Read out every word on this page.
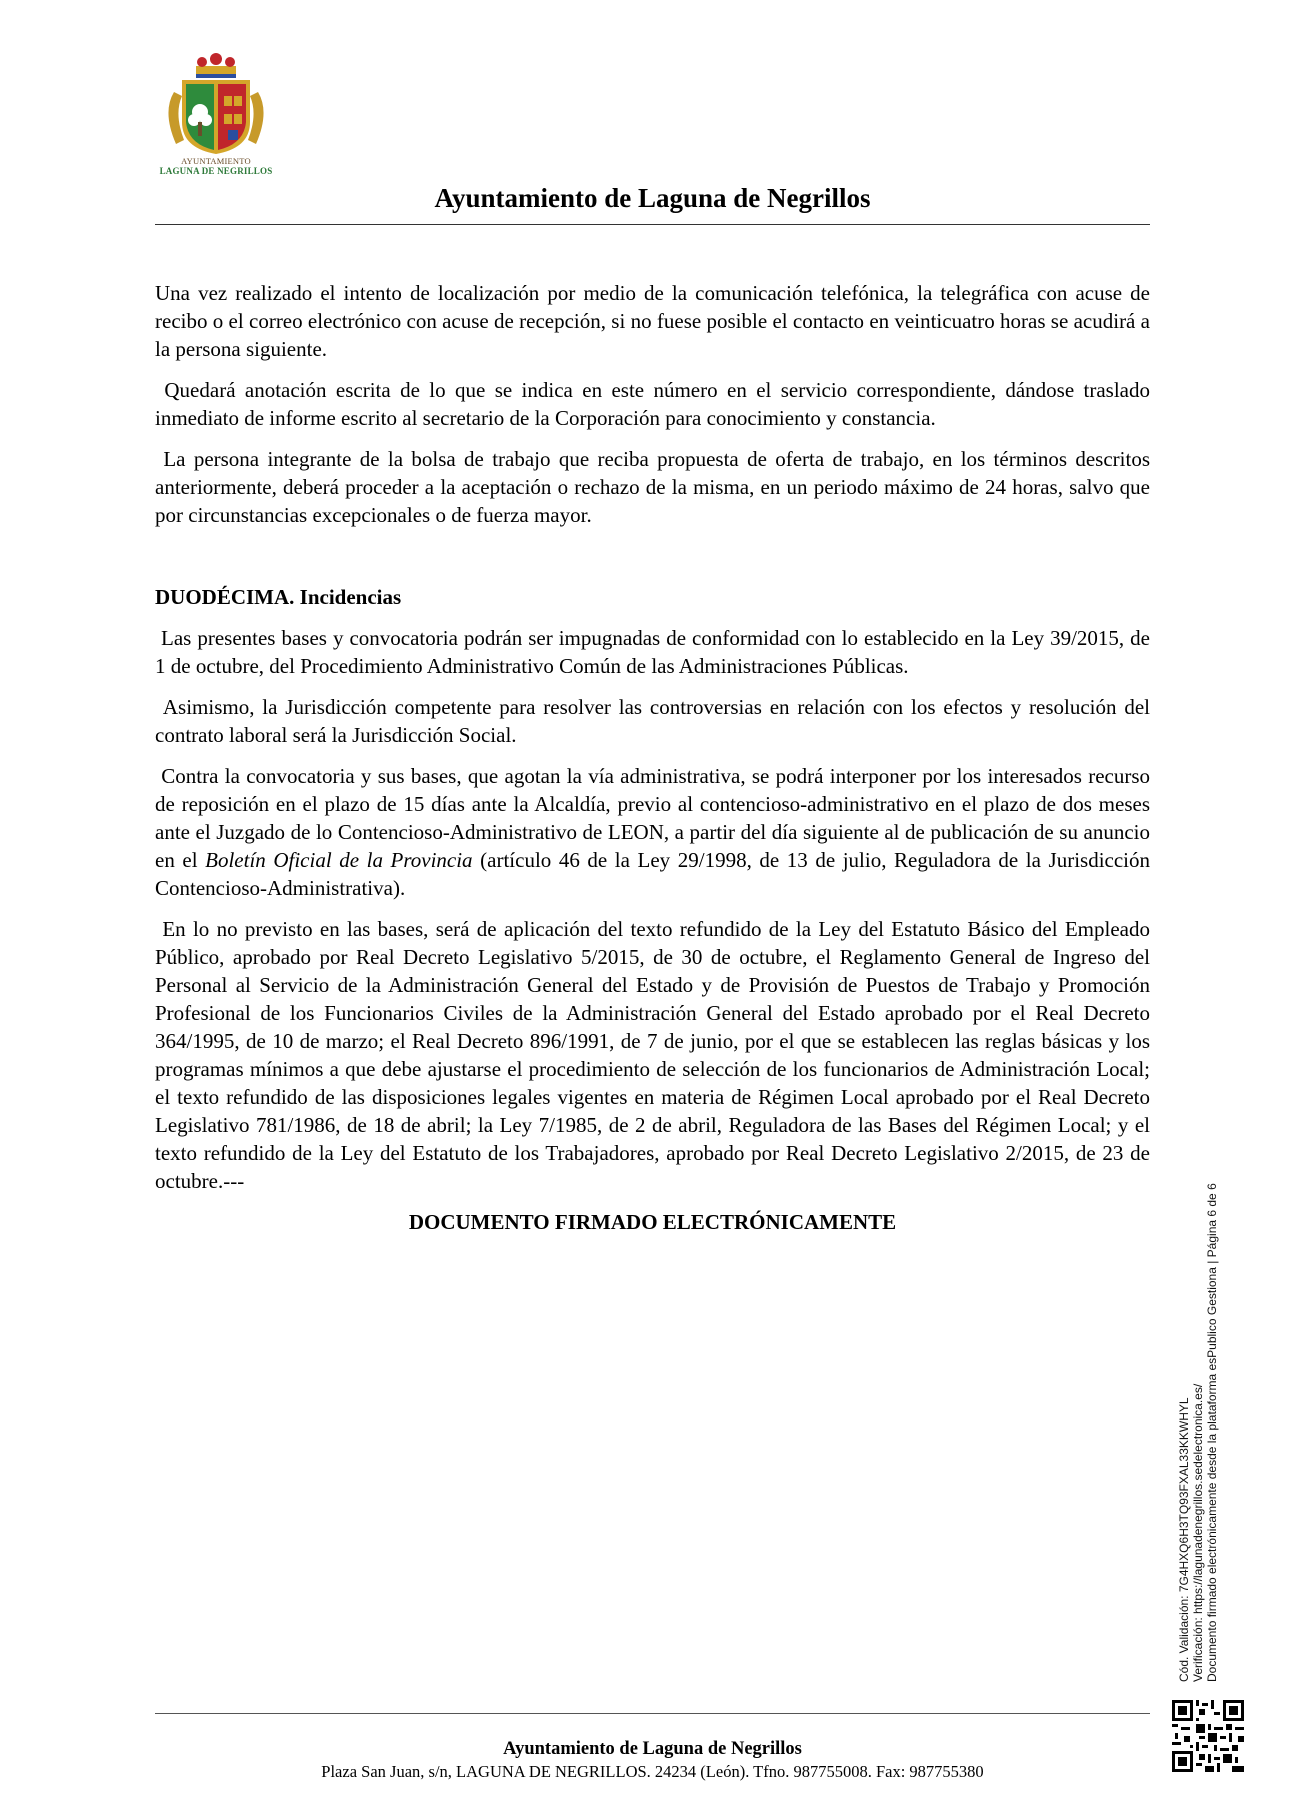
AYUNTAMIENTO
LAGUNA DE NEGRILLOS
Ayuntamiento de Laguna de Negrillos

Una vez realizado el intento de localización por medio de la comunicación telefónica, la telegráfica con acuse de recibo o el correo electrónico con acuse de recepción, si no fuese posible el contacto en veinticuatro horas se acudirá a la persona siguiente.

Quedará anotación escrita de lo que se indica en este número en el servicio correspondiente, dándose traslado inmediato de informe escrito al secretario de la Corporación para conocimiento y constancia.

La persona integrante de la bolsa de trabajo que reciba propuesta de oferta de trabajo, en los términos descritos anteriormente, deberá proceder a la aceptación o rechazo de la misma, en un periodo máximo de 24 horas, salvo que por circunstancias excepcionales o de fuerza mayor.

DUODÉCIMA. Incidencias

Las presentes bases y convocatoria podrán ser impugnadas de conformidad con lo establecido en la Ley 39/2015, de 1 de octubre, del Procedimiento Administrativo Común de las Administraciones Públicas.

Asimismo, la Jurisdicción competente para resolver las controversias en relación con los efectos y resolución del contrato laboral será la Jurisdicción Social.

Contra la convocatoria y sus bases, que agotan la vía administrativa, se podrá interponer por los interesados recurso de reposición en el plazo de 15 días ante la Alcaldía, previo al contencioso-administrativo en el plazo de dos meses ante el Juzgado de lo Contencioso-Administrativo de LEON, a partir del día siguiente al de publicación de su anuncio en el Boletín Oficial de la Provincia (artículo 46 de la Ley 29/1998, de 13 de julio, Reguladora de la Jurisdicción Contencioso-Administrativa).

En lo no previsto en las bases, será de aplicación del texto refundido de la Ley del Estatuto Básico del Empleado Público, aprobado por Real Decreto Legislativo 5/2015, de 30 de octubre, el Reglamento General de Ingreso del Personal al Servicio de la Administración General del Estado y de Provisión de Puestos de Trabajo y Promoción Profesional de los Funcionarios Civiles de la Administración General del Estado aprobado por el Real Decreto 364/1995, de 10 de marzo; el Real Decreto 896/1991, de 7 de junio, por el que se establecen las reglas básicas y los programas mínimos a que debe ajustarse el procedimiento de selección de los funcionarios de Administración Local; el texto refundido de las disposiciones legales vigentes en materia de Régimen Local aprobado por el Real Decreto Legislativo 781/1986, de 18 de abril; la Ley 7/1985, de 2 de abril, Reguladora de las Bases del Régimen Local; y el texto refundido de la Ley del Estatuto de los Trabajadores, aprobado por Real Decreto Legislativo 2/2015, de 23 de octubre.---

DOCUMENTO FIRMADO ELECTRÓNICAMENTE
Cód. Validación: 7G4HXQ6H3TQ93FXAL33KKWHYL Verificación: https://lagunadenegrillos.sedelectronica.es/ Documento firmado electrónicamente desde la plataforma esPublico Gestiona | Página 6 de 6
Ayuntamiento de Laguna de Negrillos
Plaza San Juan, s/n, LAGUNA DE NEGRILLOS. 24234 (León). Tfno. 987755008. Fax: 987755380
